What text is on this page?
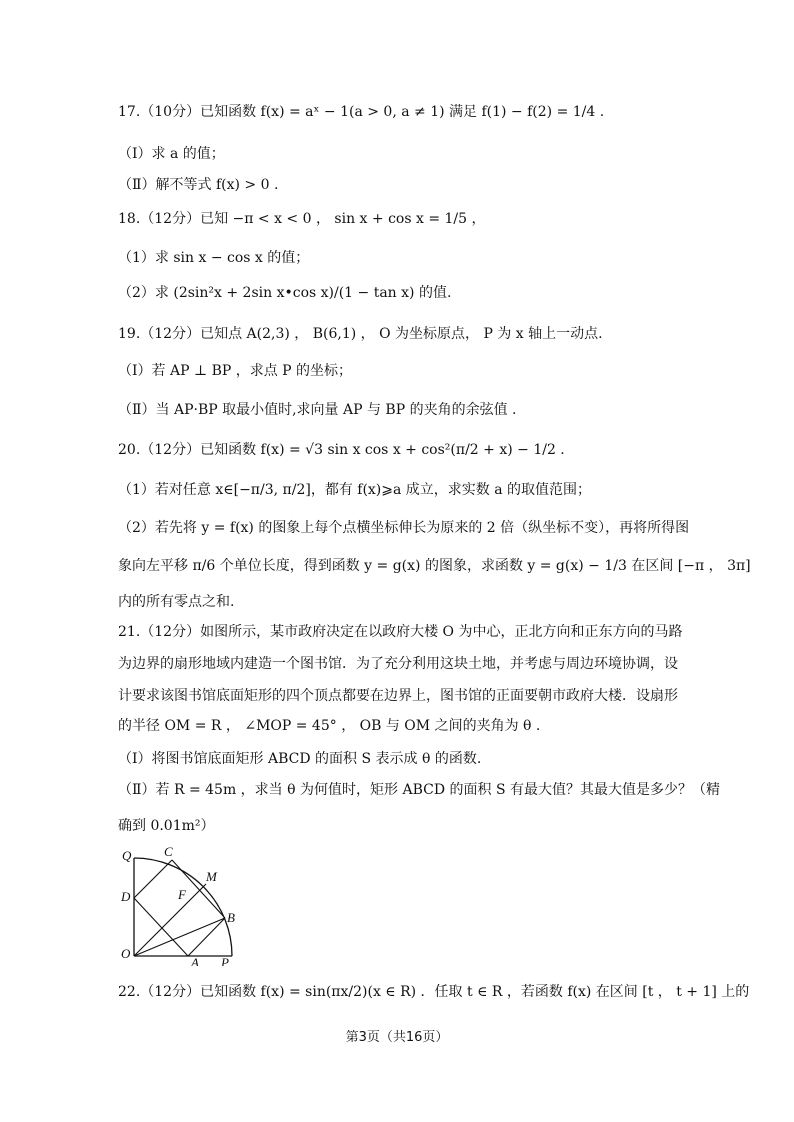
17.（10分）已知函数 f(x) = aˣ − 1(a > 0, a ≠ 1) 满足 f(1) − f(2) = 1/4 .
（Ⅰ）求 a 的值；
（Ⅱ）解不等式 f(x) > 0 .
18.（12分）已知 −π < x < 0 ， sin x + cos x = 1/5 ，
（1）求 sin x − cos x 的值；
（2）求 (2sin²x + 2sin x•cos x)/(1 − tan x) 的值.
19.（12分）已知点 A(2,3) ， B(6,1) ， O 为坐标原点， P 为 x 轴上一动点.
（Ⅰ）若 AP ⊥ BP ，求点 P 的坐标；
（Ⅱ）当 AP·BP 取最小值时,求向量 AP 与 BP 的夹角的余弦值 .
20.（12分）已知函数 f(x) = √3 sin x cos x + cos²(π/2 + x) − 1/2 .
（1）若对任意 x∈[−π/3, π/2]，都有 f(x)⩾a 成立，求实数 a 的取值范围；
（2）若先将 y = f(x) 的图象上每个点横坐标伸长为原来的 2 倍（纵坐标不变），再将所得图
象向左平移 π/6 个单位长度，得到函数 y = g(x) 的图象，求函数 y = g(x) − 1/3 在区间 [−π ， 3π]
内的所有零点之和.
21.（12分）如图所示，某市政府决定在以政府大楼 O 为中心，正北方向和正东方向的马路
为边界的扇形地域内建造一个图书馆．为了充分利用这块土地，并考虑与周边环境协调，设
计要求该图书馆底面矩形的四个顶点都要在边界上，图书馆的正面要朝市政府大楼．设扇形
的半径 OM = R ， ∠MOP = 45° ， OB 与 OM 之间的夹角为 θ .
（Ⅰ）将图书馆底面矩形 ABCD 的面积 S 表示成 θ 的函数.
（Ⅱ）若 R = 45m ，求当 θ 为何值时，矩形 ABCD 的面积 S 有最大值？其最大值是多少？（精
确到 0.01m²）
Q	C
M
D	F
B
O
A P
22.（12分）已知函数 f(x) = sin(πx/2)(x ∈ R) ．任取 t ∈ R ，若函数 f(x) 在区间 [t ， t + 1] 上的
第3页（共16页）
